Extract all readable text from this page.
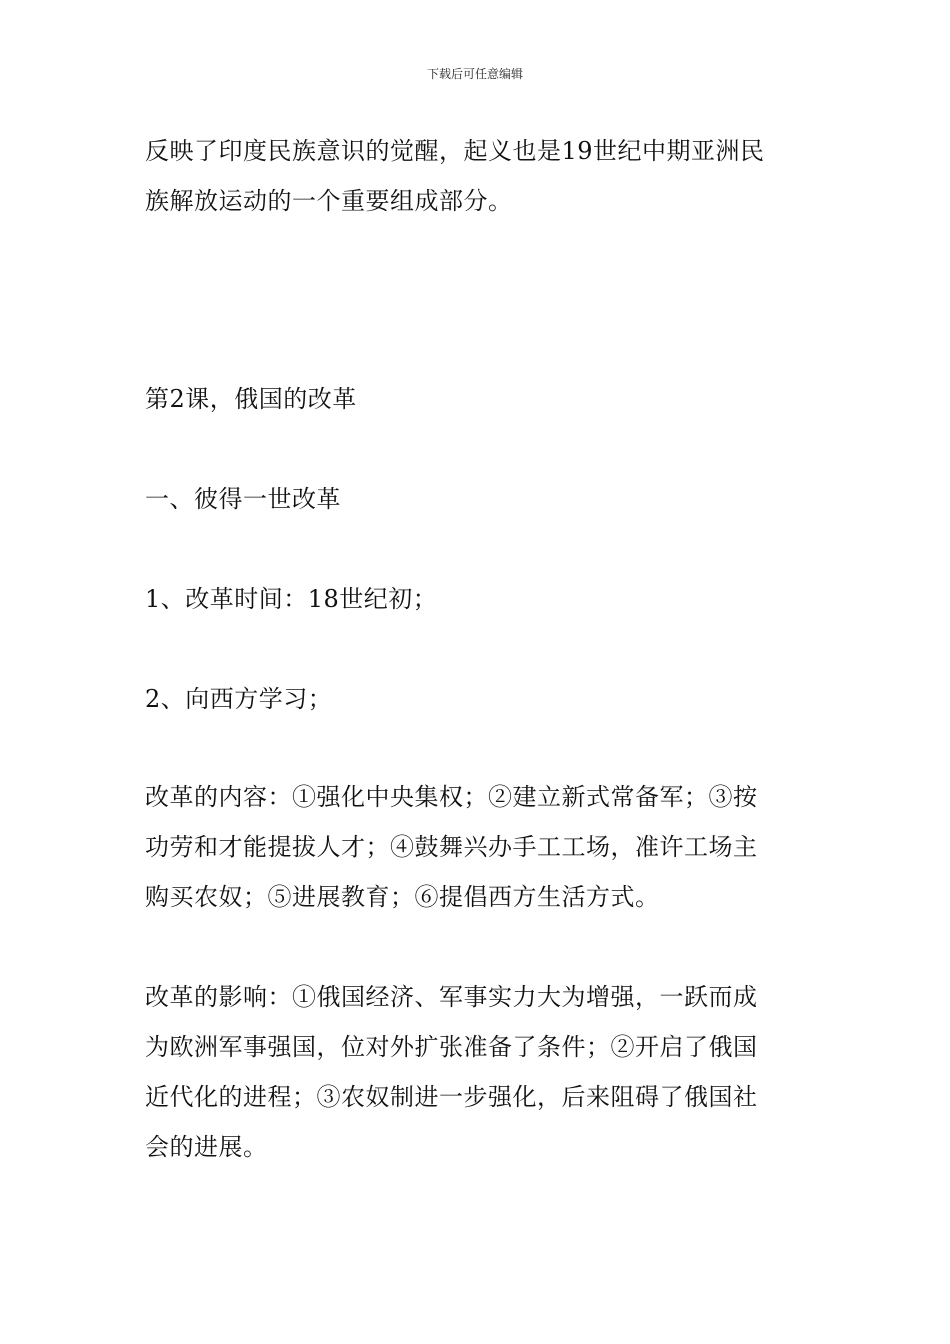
下载后可任意编辑

反映了印度民族意识的觉醒，起义也是19世纪中期亚洲民
族解放运动的一个重要组成部分。

第2课，俄国的改革

一、彼得一世改革

1、改革时间：18世纪初；

2、向西方学习；

改革的内容：①强化中央集权；②建立新式常备军；③按
功劳和才能提拔人才；④鼓舞兴办手工工场，准许工场主
购买农奴；⑤进展教育；⑥提倡西方生活方式。

改革的影响：①俄国经济、军事实力大为增强，一跃而成
为欧洲军事强国，位对外扩张准备了条件；②开启了俄国
近代化的进程；③农奴制进一步强化，后来阻碍了俄国社
会的进展。
